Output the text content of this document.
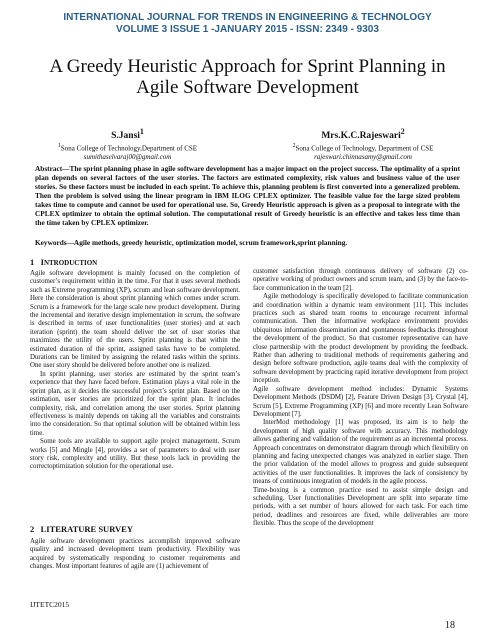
INTERNATIONAL JOURNAL FOR TRENDS IN ENGINEERING & TECHNOLOGY
VOLUME 3 ISSUE 1 -JANUARY 2015 - ISSN: 2349 - 9303
A Greedy Heuristic Approach for Sprint Planning in
Agile Software Development
S.Jansi$^1$
$^1$Sona College of Technology,Department of CSE
sumithaselvaraj00@gmail.com
Mrs.K.C.Rajeswari$^2$
$^2$Sona College of Technology, Department of CSE
rajeswari.chinnasamy@gmail.com
Abstract—The sprint planning phase in agile software development has a major impact on the project success. The optimality of a sprint plan depends on several factors of the user stories. The factors are estimated complexity, risk values and business value of the user stories. So these factors must be included in each sprint. To achieve this, planning problem is first converted into a generalized problem. Then the problem is solved using the linear program in IBM ILOG CPLEX optimizer. The feasible value for the large sized problem takes time to compute and cannot be used for operational use. So, Greedy Heuristic approach is given as a proposal to integrate with the CPLEX optimizer to obtain the optimal solution. The computational result of Greedy heuristic is an effective and takes less time than the time taken by CPLEX optimizer.
Keywords—Agile methods, greedy heuristic, optimization model, scrum framework,sprint planning.
1 INTRODUCTION

Agile software development is mainly focused on the completion of customer’s requirement within in the time. For that it uses several methods such as Extreme programming (XP), scrum and lean software development. Here the consideration is about sprint planning which comes under scrum. Scrum is a framework for the large scale new product development. During the incremental and iterative design implementation in scrum, the software is described in terms of user functionalities (user stories) and at each iteration (sprint) the team should deliver the set of user stories that maximizes the utility of the users. Sprint planning is that within the estimated duration of the sprint, assigned tasks have to be completed. Durations can be limited by assigning the related tasks within the sprints. One user story should be delivered before another one is realized.

In sprint planning, user stories are estimated by the sprint team’s experience that they have faced before. Estimation plays a vital role in the sprint plan, as it decides the successful project’s sprint plan. Based on the estimation, user stories are prioritized for the sprint plan. It includes complexity, risk, and correlation among the user stories. Sprint planning effectiveness is mainly depends on taking all the variables and constraints into the consideration. So that optimal solution will be obtained within less time.

Some tools are available to support agile project management. Scrum works [5] and Mingle [4], provides a set of parameters to deal with user story risk, complexity and utility. But these tools lack in providing the correctoptimization solution for the operational use.

2 LITERATURE SURVEY

Agile software development practices accomplish improved software quality and increased development team productivity. Flexibility was acquired by systematically responding to customer requirements and changes. Most important features of agile are (1) achievement of

customer satisfaction through continuous delivery of software (2) co-operative working of product owners and scrum team, and (3) by the face-to-face communication in the team [2].

Agile methodology is specifically developed to facilitate communication and coordination within a dynamic team environment [11]. This includes practices such as shared team rooms to encourage recurrent informal communication. Then the informative workplace environment provides ubiquitous information dissemination and spontaneous feedbacks throughout the development of the product. So that customer representative can have close partnership with the product development by providing the feedback. Rather than adhering to traditional methods of requirements gathering and design before software production, agile teams deal with the complexity of software development by practicing rapid iterative development from project inception.

Agile software development method includes: Dynamic Systems Development Methods (DSDM) [2], Feature Driven Design [3], Crystal [4], Scrum [5], Extreme Programming (XP) [6] and more recently Lean Software Development [7].

InterMod methodology [1] was proposed, its aim is to help the development of high quality software with accuracy. This methodology allows gathering and validation of the requirement as an incremental process. Approach concentrates on demonstrator diagram through which flexibility on planning and facing unexpected changes was analyzed in earlier stage. Then the prior validation of the model allows to progress and guide subsequent activities of the user functionalities. It improves the lack of consistency by means of continuous integration of models in the agile process.

Time-boxing is a common practice used to assist simple design and scheduling. User functionalities Development are split into separate time periods, with a set number of hours allowed for each task. For each time period, deadlines and resources are fixed, while deliverables are more flexible. Thus the scope of the development

IJTETC2015
18
